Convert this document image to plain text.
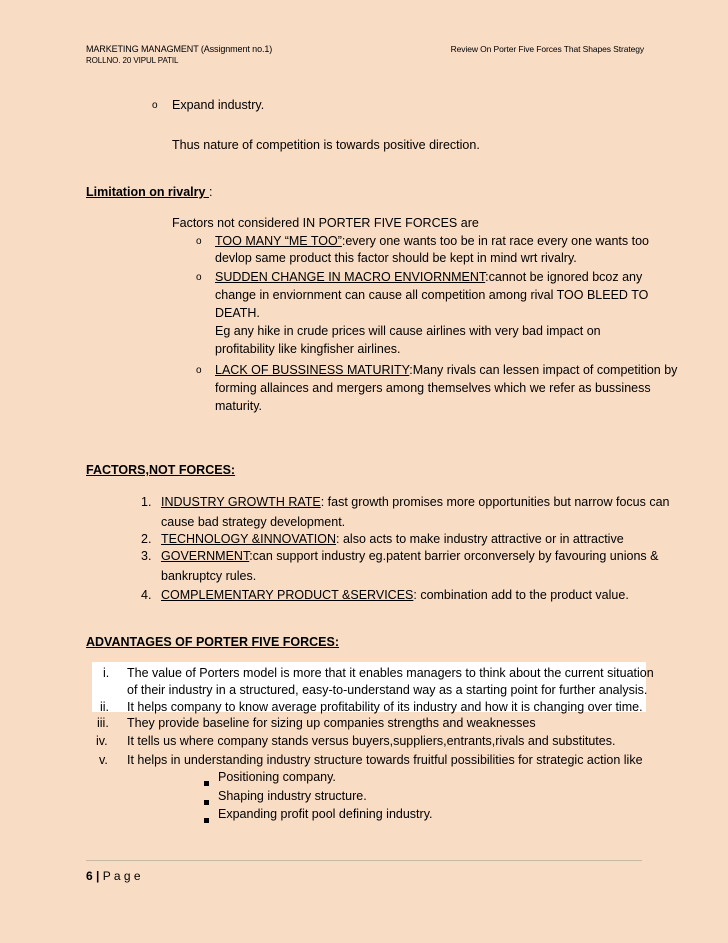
MARKETING MANAGMENT (Assignment no.1)
ROLLNO. 20 VIPUL PATIL
Review On Porter Five Forces That Shapes Strategy
o Expand industry.
Thus nature of competition is towards positive direction.
Limitation on rivalry :
Factors not considered IN PORTER FIVE FORCES are
o TOO MANY “ME TOO”:every one wants too be in rat race every one wants too
devlop same product this factor should be kept in mind wrt rivalry.
o SUDDEN CHANGE IN MACRO ENVIORNMENT:cannot be ignored bcoz any
change in enviornment can cause all competition among rival TOO BLEED TO
DEATH.
Eg any hike in crude prices will cause airlines with very bad impact on
profitability like kingfisher airlines.
o LACK OF BUSSINESS MATURITY:Many rivals can lessen impact of competition by
forming allainces and mergers among themselves which we refer as bussiness
maturity.
FACTORS,NOT FORCES:
1. INDUSTRY GROWTH RATE: fast growth promises more opportunities but narrow focus can
cause bad strategy development.
2. TECHNOLOGY &INNOVATION: also acts to make industry attractive or in attractive
3. GOVERNMENT:can support industry eg.patent barrier orconversely by favouring unions &
bankruptcy rules.
4. COMPLEMENTARY PRODUCT &SERVICES: combination add to the product value.
ADVANTAGES OF PORTER FIVE FORCES:
i. The value of Porters model is more that it enables managers to think about the current situation
of their industry in a structured, easy-to-understand way as a starting point for further analysis.
ii. It helps company to know average profitability of its industry and how it is changing over time.
iii. They provide baseline for sizing up companies strengths and weaknesses
iv. It tells us where company stands versus buyers,suppliers,entrants,rivals and substitutes.
v. It helps in understanding industry structure towards fruitful possibilities for strategic action like
Positioning company.
Shaping industry structure.
Expanding profit pool defining industry.
6 | P a g e
